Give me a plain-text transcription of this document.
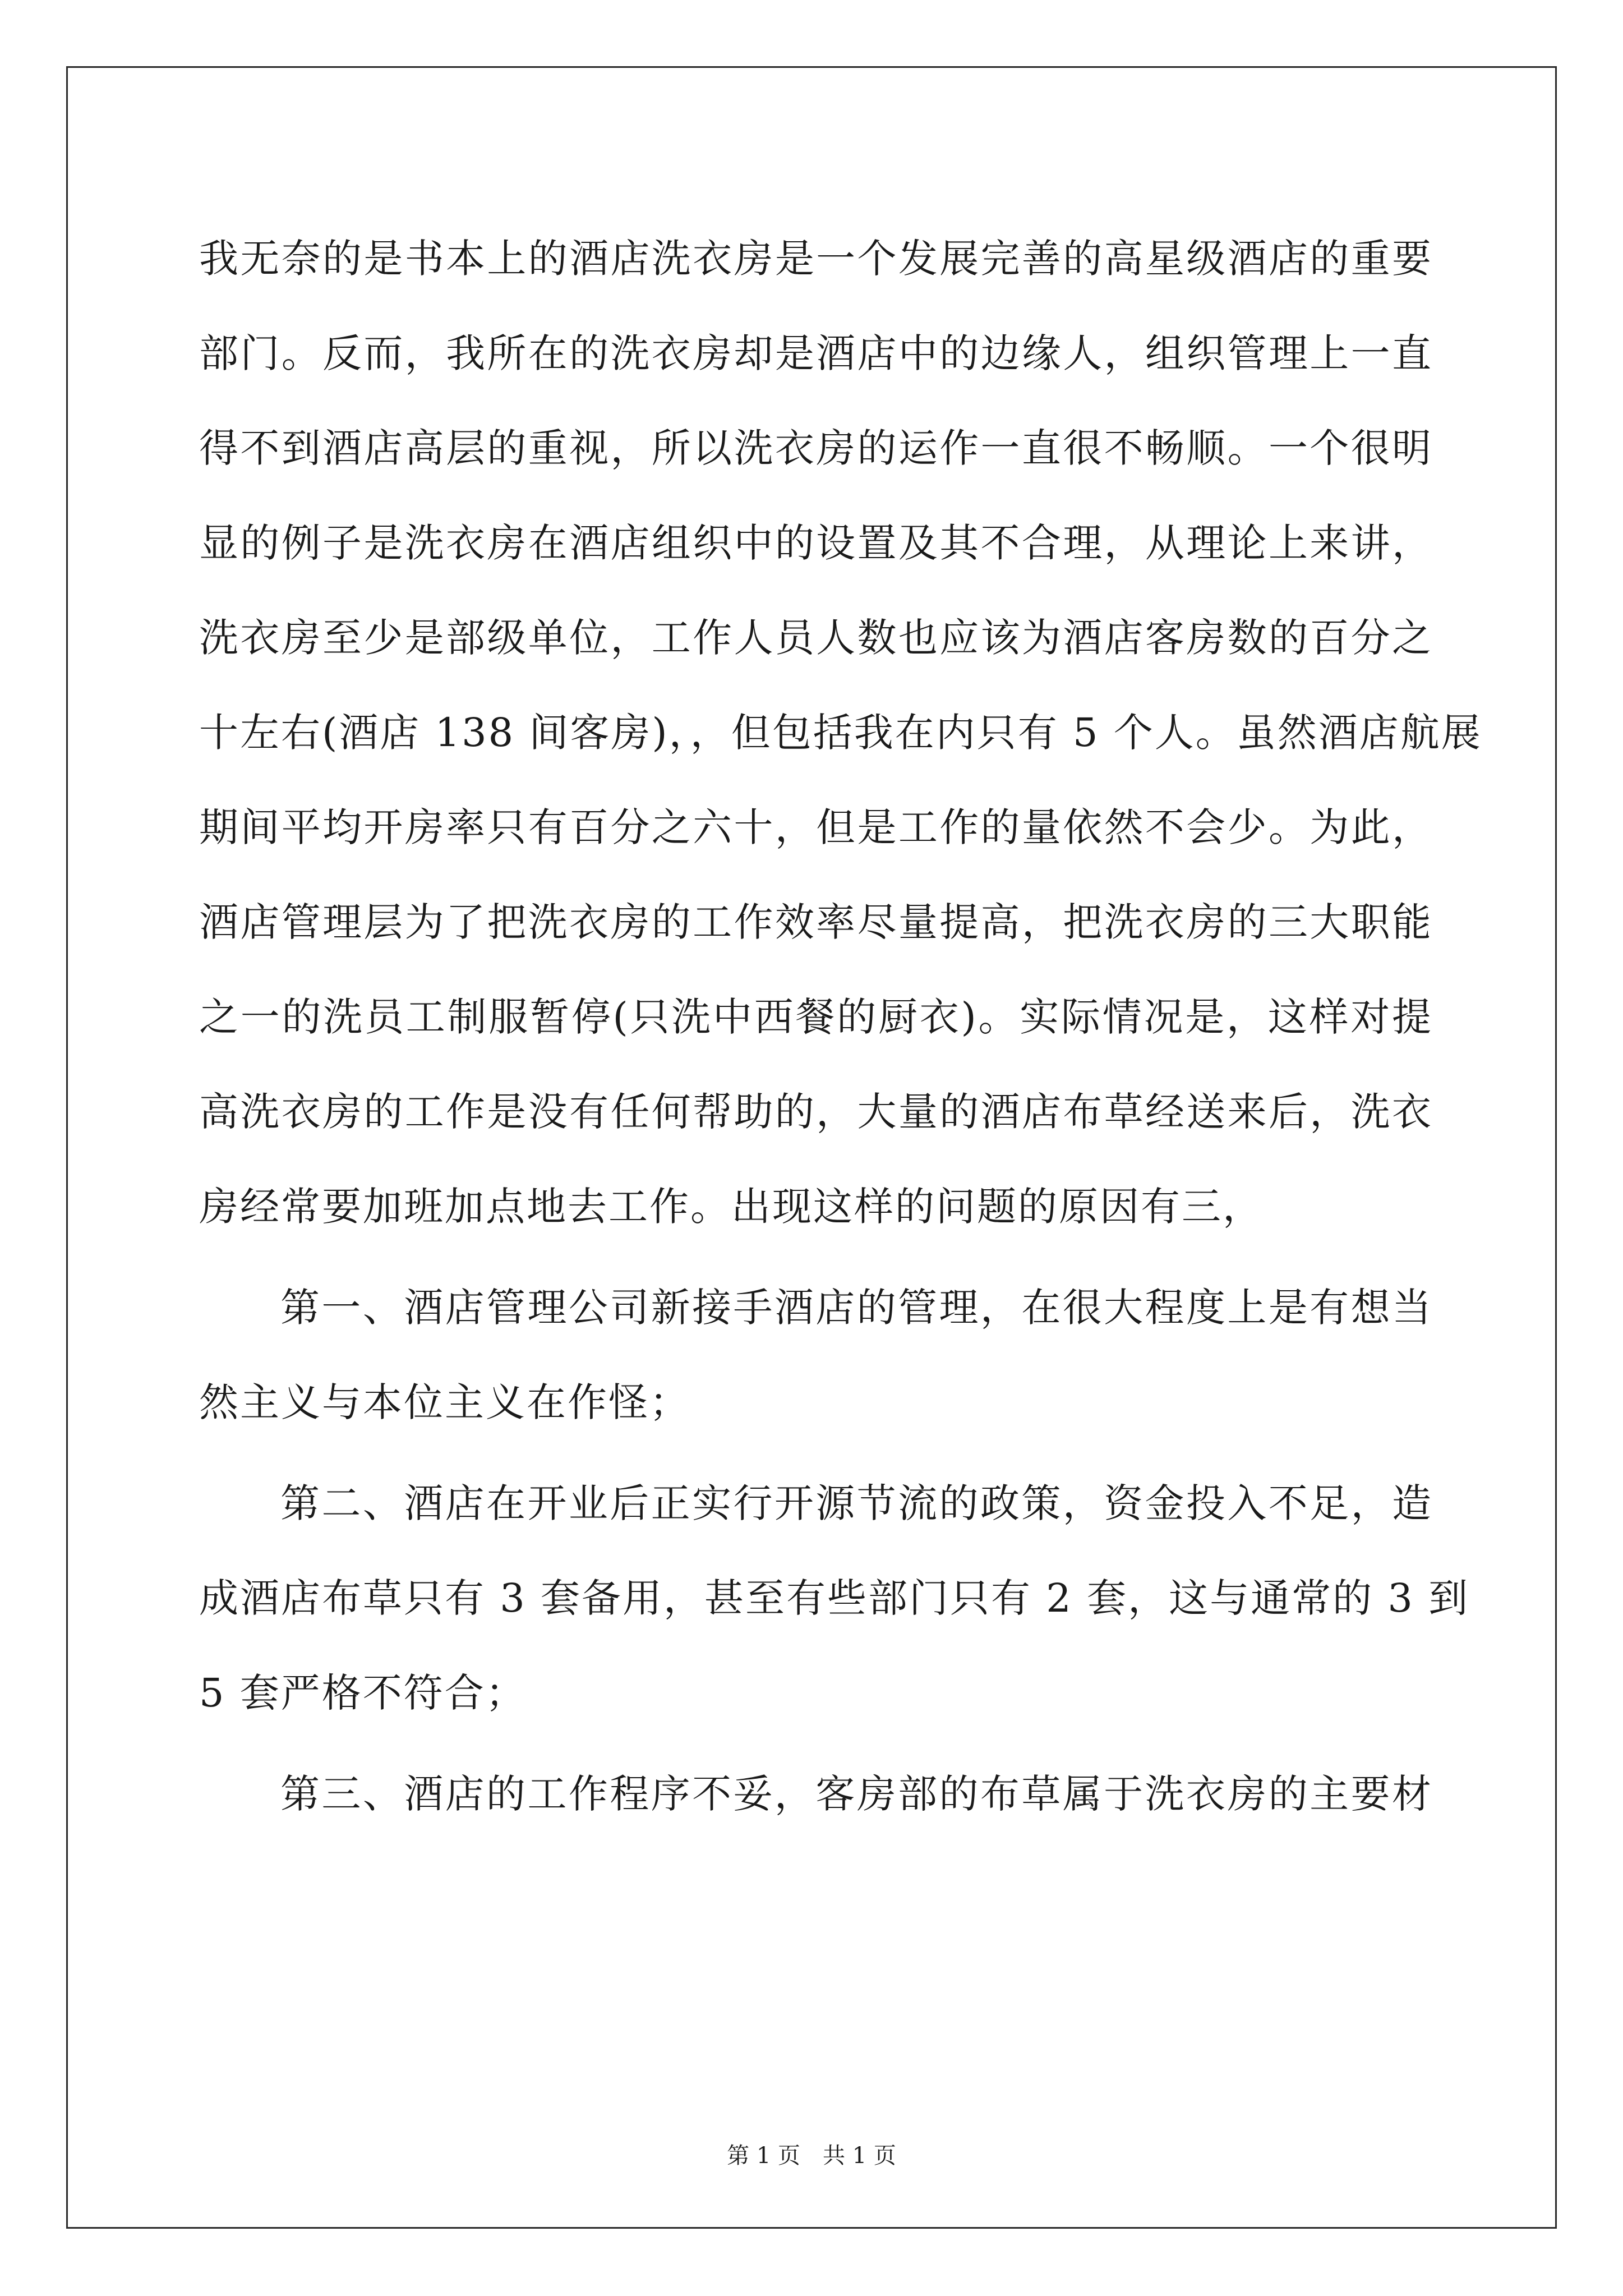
我无奈的是书本上的酒店洗衣房是一个发展完善的高星级酒店的重要
部门。反而，我所在的洗衣房却是酒店中的边缘人，组织管理上一直
得不到酒店高层的重视，所以洗衣房的运作一直很不畅顺。一个很明
显的例子是洗衣房在酒店组织中的设置及其不合理，从理论上来讲，
洗衣房至少是部级单位，工作人员人数也应该为酒店客房数的百分之
十左右(酒店 138 间客房)，，但包括我在内只有 5 个人。虽然酒店航展
期间平均开房率只有百分之六十，但是工作的量依然不会少。为此，
酒店管理层为了把洗衣房的工作效率尽量提高，把洗衣房的三大职能
之一的洗员工制服暂停(只洗中西餐的厨衣)。实际情况是，这样对提
高洗衣房的工作是没有任何帮助的，大量的酒店布草经送来后，洗衣
房经常要加班加点地去工作。出现这样的问题的原因有三，
第一、酒店管理公司新接手酒店的管理，在很大程度上是有想当
然主义与本位主义在作怪；
第二、酒店在开业后正实行开源节流的政策，资金投入不足，造
成酒店布草只有 3 套备用，甚至有些部门只有 2 套，这与通常的 3 到
5 套严格不符合；
第三、酒店的工作程序不妥，客房部的布草属于洗衣房的主要材
第 1 页　共 1 页
